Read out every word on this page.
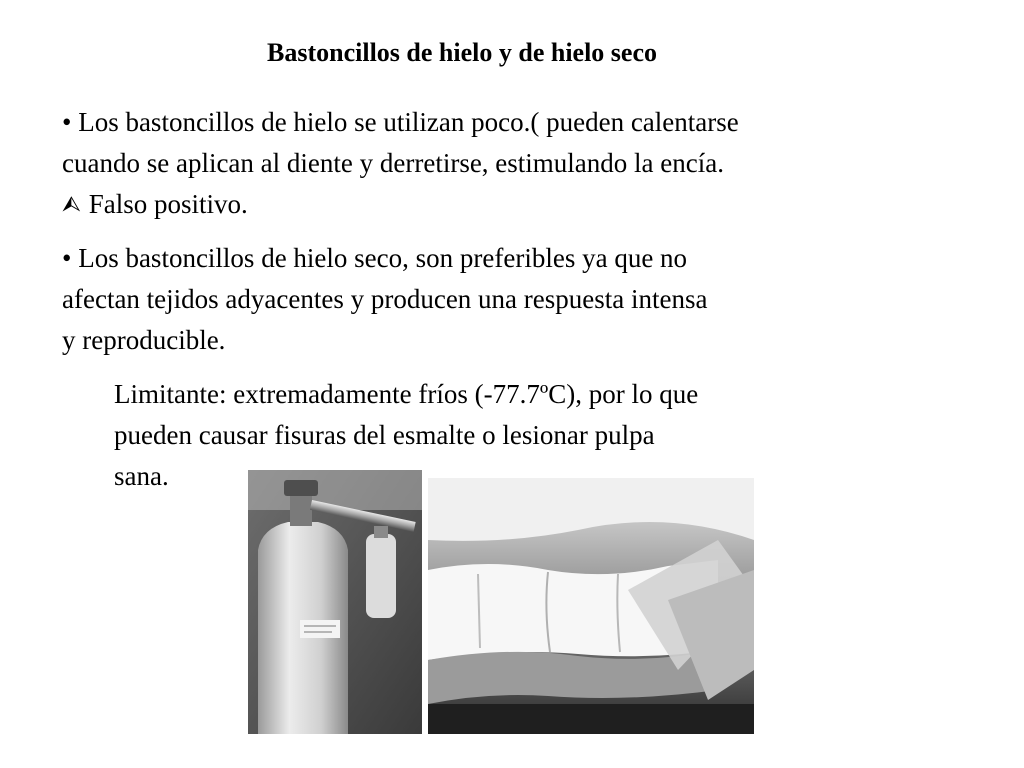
Bastoncillos de hielo y de hielo seco
• Los bastoncillos de hielo se utilizan poco.( pueden calentarse
cuando se aplican al diente y derretirse, estimulando la encía.
⮙ Falso positivo.
• Los bastoncillos de hielo seco, son preferibles ya que no
afectan tejidos adyacentes y producen una respuesta intensa
y reproducible.
Limitante: extremadamente fríos (-77.7ºC), por lo que
pueden causar fisuras del esmalte o lesionar pulpa
sana.
